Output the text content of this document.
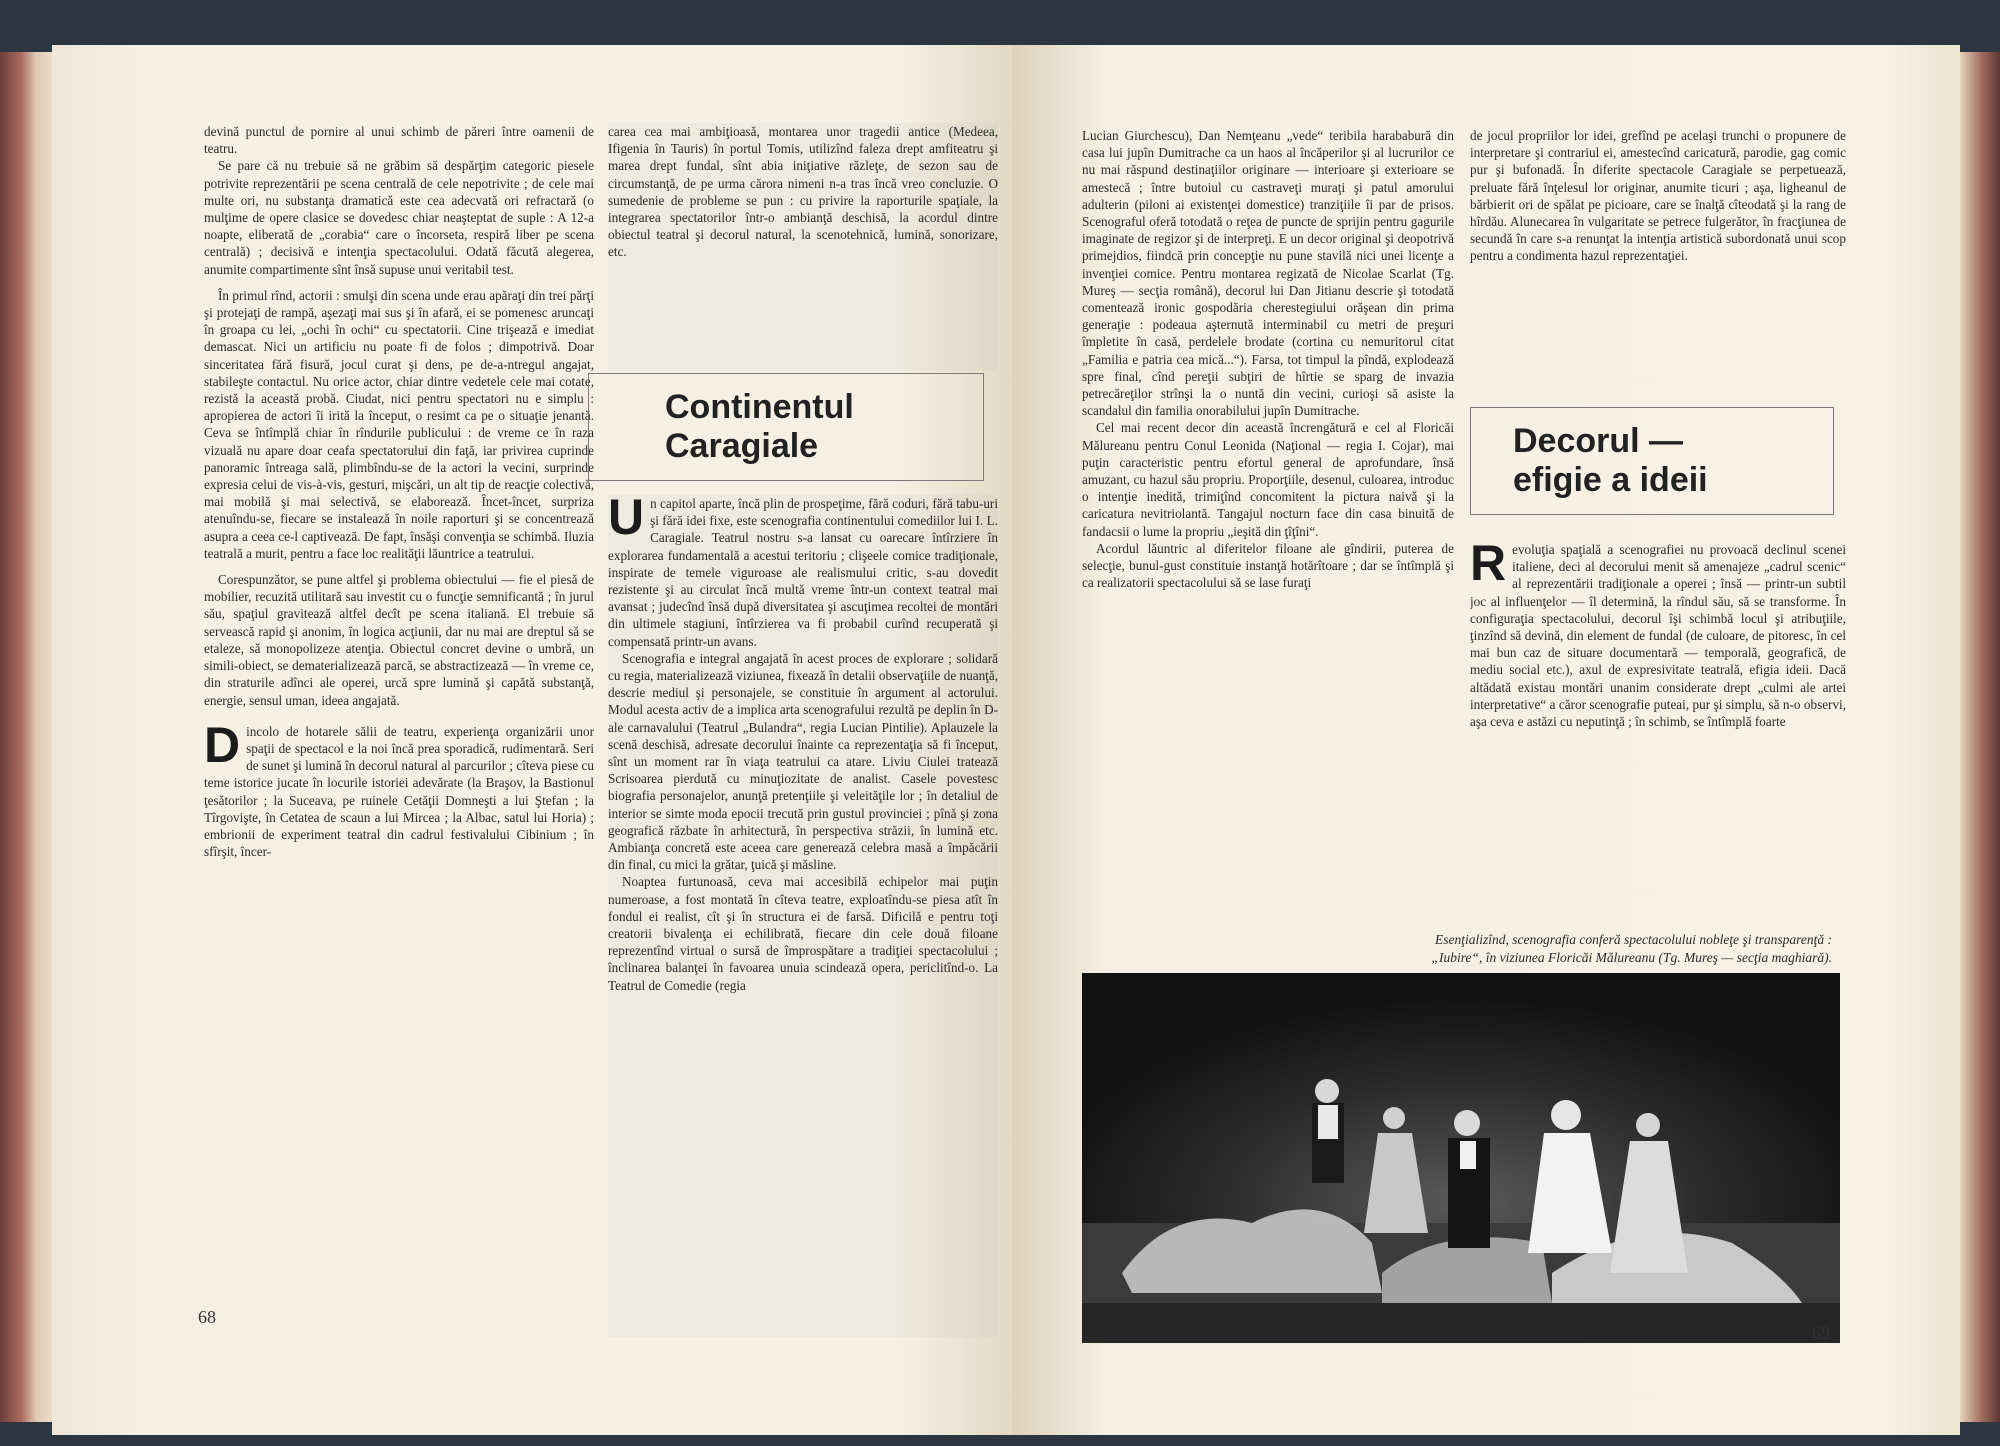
devină punctul de pornire al unui schimb de păreri între oamenii de teatru.

Se pare că nu trebuie să ne grăbim să despărţim categoric piesele potrivite reprezentării pe scena centrală de cele nepotrivite ; de cele mai multe ori, nu substanţa dramatică este cea adecvată ori refractară (o mulţime de opere clasice se dovedesc chiar neaşteptat de suple : A 12-a noapte, eliberată de „corabia“ care o încorseta, respiră liber pe scena centrală) ; decisivă e intenţia spectacolului. Odată făcută alegerea, anumite compartimente sînt însă supuse unui veritabil test.

În primul rînd, actorii : smulşi din scena unde erau apăraţi din trei părţi şi protejaţi de rampă, aşezaţi mai sus şi în afară, ei se pomenesc aruncaţi în groapa cu lei, „ochi în ochi“ cu spectatorii. Cine trişează e imediat demascat. Nici un artificiu nu poate fi de folos ; dimpotrivă. Doar sinceritatea fără fisură, jocul curat şi dens, pe de-a-ntregul angajat, stabileşte contactul. Nu orice actor, chiar dintre vedetele cele mai cotate, rezistă la această probă. Ciudat, nici pentru spectatori nu e simplu : apropierea de actori îi irită la început, o resimt ca pe o situaţie jenantă. Ceva se întîmplă chiar în rîndurile publicului : de vreme ce în raza vizuală nu apare doar ceafa spectatorului din faţă, iar privirea cuprinde panoramic întreaga sală, plimbîndu-se de la actori la vecini, surprinde expresia celui de vis-à-vis, gesturi, mişcări, un alt tip de reacţie colectivă, mai mobilă şi mai selectivă, se elaborează. Încet-încet, surpriza atenuîndu-se, fiecare se instalează în noile raporturi şi se concentrează asupra a ceea ce-l captivează. De fapt, însăşi convenţia se schimbă. Iluzia teatrală a murit, pentru a face loc realităţii lăuntrice a teatrului.

Corespunzător, se pune altfel şi problema obiectului — fie el piesă de mobilier, recuzită utilitară sau investit cu o funcţie semnificantă ; în jurul său, spaţiul gravitează altfel decît pe scena italiană. El trebuie să servească rapid şi anonim, în logica acţiunii, dar nu mai are dreptul să se etaleze, să monopolizeze atenţia. Obiectul concret devine o umbră, un simili-obiect, se dematerializează parcă, se abstractizează — în vreme ce, din straturile adînci ale operei, urcă spre lumină şi capătă substanţă, energie, sensul uman, ideea angajată.

Dincolo de hotarele sălii de teatru, experienţa organizării unor spaţii de spectacol e la noi încă prea sporadică, rudimentară. Seri de sunet şi lumină în decorul natural al parcurilor ; cîteva piese cu teme istorice jucate în locurile istoriei adevărate (la Braşov, la Bastionul ţesătorilor ; la Suceava, pe ruinele Cetăţii Domneşti a lui Ştefan ; la Tîrgovişte, în Cetatea de scaun a lui Mircea ; la Albac, satul lui Horia) ; embrionii de experiment teatral din cadrul festivalului Cibinium ; în sfîrşit, încer-

carea cea mai ambiţioasă, montarea unor tragedii antice (Medeea, Ifigenia în Tauris) în portul Tomis, utilizînd faleza drept amfiteatru şi marea drept fundal, sînt abia iniţiative răzleţe, de sezon sau de circumstanţă, de pe urma cărora nimeni n-a tras încă vreo concluzie. O sumedenie de probleme se pun : cu privire la raporturile spaţiale, la integrarea spectatorilor într-o ambianţă deschisă, la acordul dintre obiectul teatral şi decorul natural, la scenotehnică, lumină, sonorizare, etc.

Continentul
Caragiale

Un capitol aparte, încă plin de prospeţime, fără coduri, fără tabu-uri şi fără idei fixe, este scenografia continentului comediilor lui I. L. Caragiale. Teatrul nostru s-a lansat cu oarecare întîrziere în explorarea fundamentală a acestui teritoriu ; clişeele comice tradiţionale, inspirate de temele viguroase ale realismului critic, s-au dovedit rezistente şi au circulat încă multă vreme într-un context teatral mai avansat ; judecînd însă după diversitatea şi ascuţimea recoltei de montări din ultimele stagiuni, întîrzierea va fi probabil curînd recuperată şi compensată printr-un avans.

Scenografia e integral angajată în acest proces de explorare ; solidară cu regia, materializează viziunea, fixează în detalii observaţiile de nuanţă, descrie mediul şi personajele, se constituie în argument al actorului. Modul acesta activ de a implica arta scenografului rezultă pe deplin în D-ale carnavalului (Teatrul „Bulandra“, regia Lucian Pintilie). Aplauzele la scenă deschisă, adresate decorului înainte ca reprezentaţia să fi început, sînt un moment rar în viaţa teatrului ca atare. Liviu Ciulei tratează Scrisoarea pierdută cu minuţiozitate de analist. Casele povestesc biografia personajelor, anunţă pretenţiile şi veleităţile lor ; în detaliul de interior se simte moda epocii trecută prin gustul provinciei ; pînă şi zona geografică răzbate în arhitectură, în perspectiva străzii, în lumină etc. Ambianţa concretă este aceea care generează celebra masă a împăcării din final, cu mici la grătar, ţuică şi măsline.

Noaptea furtunoasă, ceva mai accesibilă echipelor mai puţin numeroase, a fost montată în cîteva teatre, exploatîndu-se piesa atît în fondul ei realist, cît şi în structura ei de farsă. Dificilă e pentru toţi creatorii bivalenţa ei echilibrată, fiecare din cele două filoane reprezentînd virtual o sursă de împrospătare a tradiţiei spectacolului ; înclinarea balanţei în favoarea unuia scindează opera, periclitînd-o. La Teatrul de Comedie (regia

68

Lucian Giurchescu), Dan Nemţeanu „vede“ teribila harababură din casa lui jupîn Dumitrache ca un haos al încăperilor şi al lucrurilor ce nu mai răspund destinaţiilor originare — interioare şi exterioare se amestecă ; între butoiul cu castraveţi muraţi şi patul amorului adulterin (piloni ai existenţei domestice) tranziţiile îi par de prisos. Scenograful oferă totodată o reţea de puncte de sprijin pentru gagurile imaginate de regizor şi de interpreţi. E un decor original şi deopotrivă primejdios, fiindcă prin concepţie nu pune stavilă nici unei licenţe a invenţiei comice. Pentru montarea regizată de Nicolae Scarlat (Tg. Mureş — secţia română), decorul lui Dan Jitianu descrie şi totodată comentează ironic gospodăria cherestegiului orăşean din prima generaţie : podeaua aşternută interminabil cu metri de preşuri împletite în casă, perdelele brodate (cortina cu nemuritorul citat „Familia e patria cea mică...“). Farsa, tot timpul la pîndă, explodează spre final, cînd pereţii subţiri de hîrtie se sparg de invazia petrecăreţilor strînşi la o nuntă din vecini, curioşi să asiste la scandalul din familia onorabilului jupîn Dumitrache.

Cel mai recent decor din această încrengătură e cel al Floricăi Mălureanu pentru Conul Leonida (Naţional — regia I. Cojar), mai puţin caracteristic pentru efortul general de aprofundare, însă amuzant, cu hazul său propriu. Proporţiile, desenul, culoarea, introduc o intenţie inedită, trimiţînd concomitent la pictura naivă şi la caricatura nevitriolantă. Tangajul nocturn face din casa binuită de fandacsii o lume la propriu „ieşită din ţîţîni“.

Acordul lăuntric al diferitelor filoane ale gîndirii, puterea de selecţie, bunul-gust constituie instanţă hotărîtoare ; dar se întîmplă şi ca realizatorii spectacolului să se lase furaţi

de jocul propriilor lor idei, grefînd pe acelaşi trunchi o propunere de interpretare şi contrariul ei, amestecînd caricatură, parodie, gag comic pur şi bufonadă. În diferite spectacole Caragiale se perpetuează, preluate fără înţelesul lor originar, anumite ticuri ; aşa, ligheanul de bărbierit ori de spălat pe picioare, care se înalţă cîteodată şi la rang de hîrdău. Alunecarea în vulgaritate se petrece fulgerător, în fracţiunea de secundă în care s-a renunţat la intenţia artistică subordonată unui scop pentru a condimenta hazul reprezentaţiei.

Decorul —
efigie a ideii

Revoluţia spaţială a scenografiei nu provoacă declinul scenei italiene, deci al decorului menit să amenajeze „cadrul scenic“ al reprezentării tradiţionale a operei ; însă — printr-un subtil joc al influenţelor — îl determină, la rîndul său, să se transforme. În configuraţia spectacolului, decorul îşi schimbă locul şi atribuţiile, ţinzînd să devină, din element de fundal (de culoare, de pitoresc, în cel mai bun caz de situare documentară — temporală, geografică, de mediu social etc.), axul de expresivitate teatrală, efigia ideii. Dacă altădată existau montări unanim considerate drept „culmi ale artei interpretative“ a căror scenografie puteai, pur şi simplu, să n-o observi, aşa ceva e astăzi cu neputinţă ; în schimb, se întîmplă foarte

Esenţializînd, scenografia conferă spectacolului nobleţe şi transparenţă :
„Iubire“, în viziunea Floricăi Mălureanu (Tg. Mureş — secţia maghiară).
69
